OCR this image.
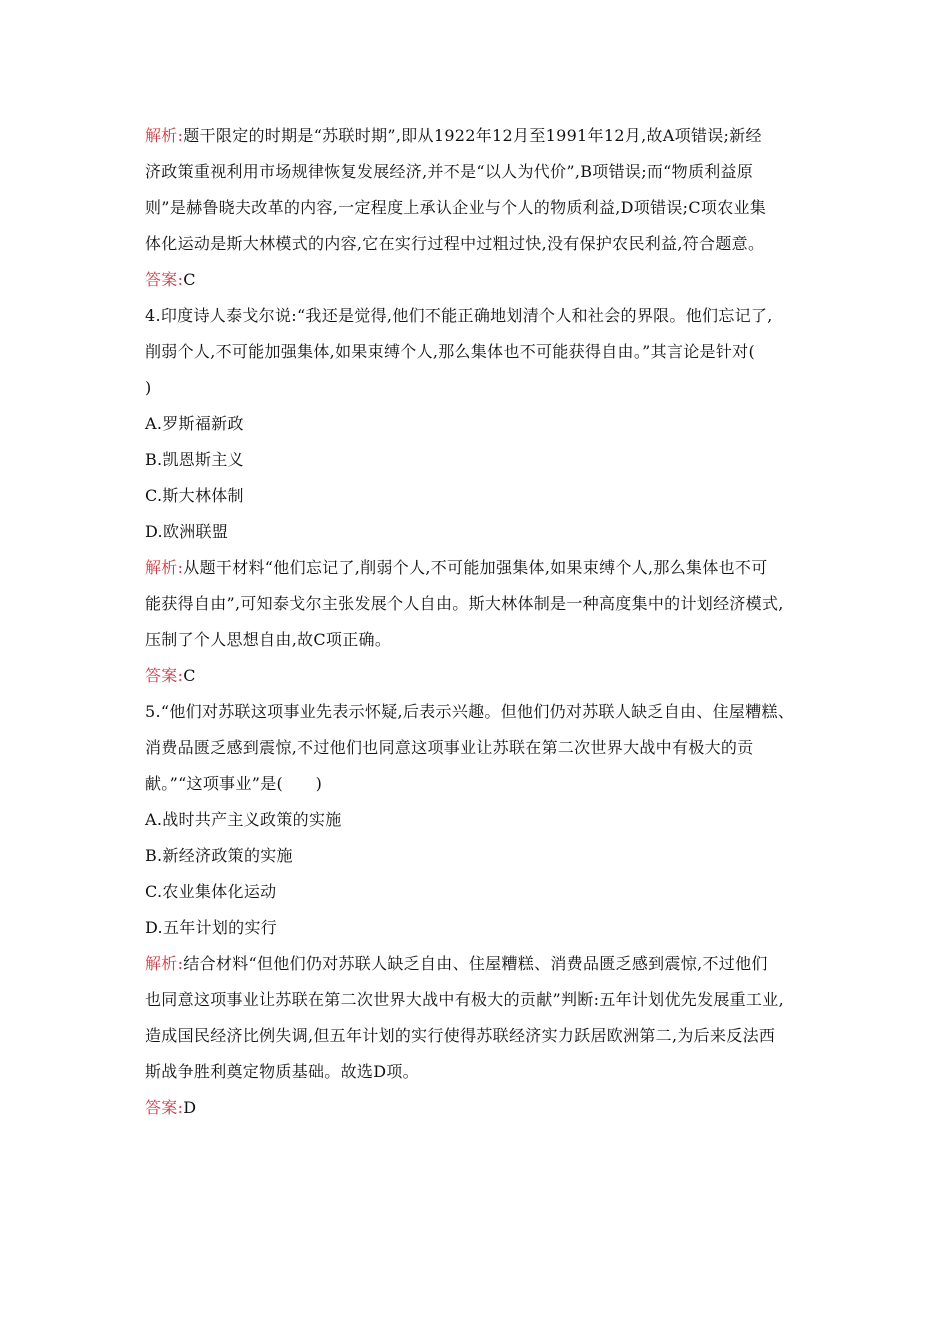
解析:题干限定的时期是“苏联时期”,即从1922年12月至1991年12月,故A项错误;新经
济政策重视利用市场规律恢复发展经济,并不是“以人为代价”,B项错误;而“物质利益原
则”是赫鲁晓夫改革的内容,一定程度上承认企业与个人的物质利益,D项错误;C项农业集
体化运动是斯大林模式的内容,它在实行过程中过粗过快,没有保护农民利益,符合题意。
答案:C
4.印度诗人泰戈尔说:“我还是觉得,他们不能正确地划清个人和社会的界限。他们忘记了,
削弱个人,不可能加强集体,如果束缚个人,那么集体也不可能获得自由。”其言论是针对(
)
A.罗斯福新政
B.凯恩斯主义
C.斯大林体制
D.欧洲联盟
解析:从题干材料“他们忘记了,削弱个人,不可能加强集体,如果束缚个人,那么集体也不可
能获得自由”,可知泰戈尔主张发展个人自由。斯大林体制是一种高度集中的计划经济模式,
压制了个人思想自由,故C项正确。
答案:C
5.“他们对苏联这项事业先表示怀疑,后表示兴趣。但他们仍对苏联人缺乏自由、住屋糟糕、
消费品匮乏感到震惊,不过他们也同意这项事业让苏联在第二次世界大战中有极大的贡
献。”“这项事业”是(　　)
A.战时共产主义政策的实施
B.新经济政策的实施
C.农业集体化运动
D.五年计划的实行
解析:结合材料“但他们仍对苏联人缺乏自由、住屋糟糕、消费品匮乏感到震惊,不过他们
也同意这项事业让苏联在第二次世界大战中有极大的贡献”判断:五年计划优先发展重工业,
造成国民经济比例失调,但五年计划的实行使得苏联经济实力跃居欧洲第二,为后来反法西
斯战争胜利奠定物质基础。故选D项。
答案:D
